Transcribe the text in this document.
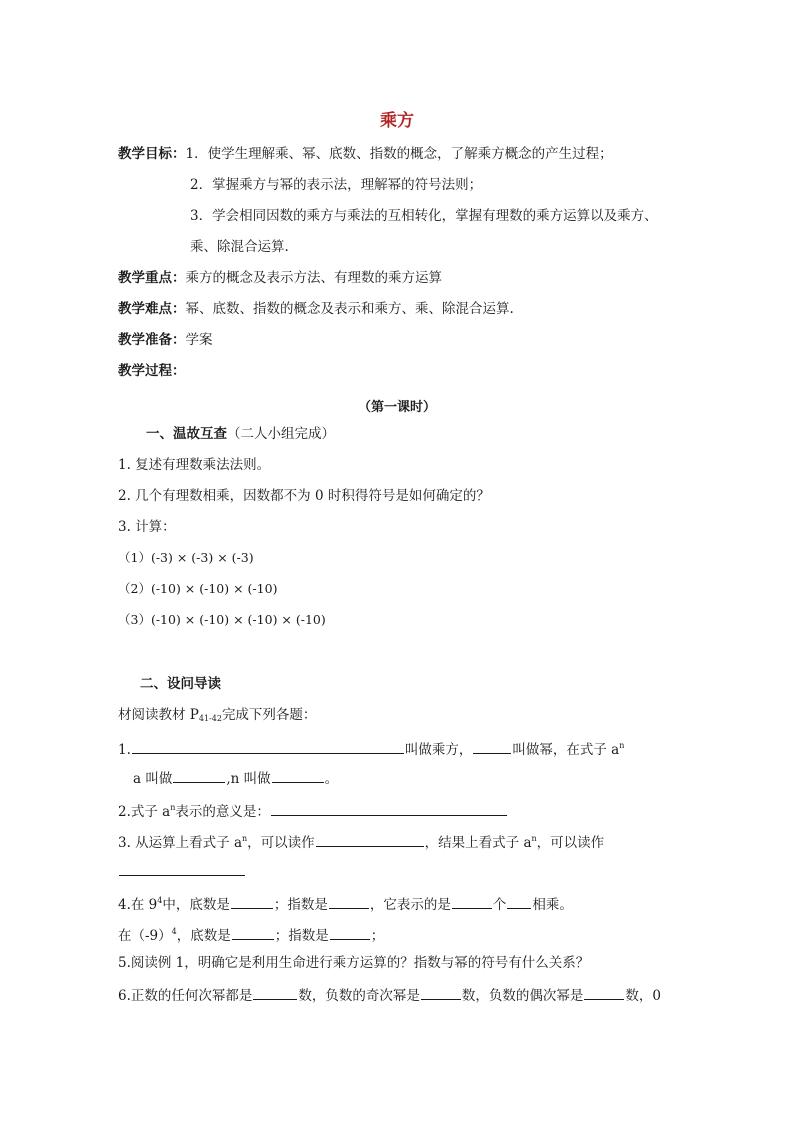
乘方
教学目标：1．使学生理解乘、幂、底数、指数的概念，了解乘方概念的产生过程；
2．掌握乘方与幂的表示法，理解幂的符号法则；
3．学会相同因数的乘方与乘法的互相转化，掌握有理数的乘方运算以及乘方、
乘、除混合运算.
教学重点：乘方的概念及表示方法、有理数的乘方运算
教学难点：幂、底数、指数的概念及表示和乘方、乘、除混合运算.
教学准备：学案
教学过程：
（第一课时）
一、温故互查（二人小组完成）
1. 复述有理数乘法法则。
2. 几个有理数相乘，因数都不为 0 时积得符号是如何确定的？
3. 计算：
（1）(-3) × (-3) × (-3)
（2）(-10) × (-10) × (-10)
（3）(-10) × (-10) × (-10) × (-10)
二、设问导读
材阅读教材 $P_{41-42}$完成下列各题：
1.	叫做乘方，	叫做幂，在式子 $a^n$
a 叫做	,n 叫做	。
2.式子 $a^n$表示的意义是：
3. 从运算上看式子 $a^n$，可以读作	，结果上看式子 $a^n$，可以读作
4.在 $9^4$中，底数是	；指数是	，它表示的是	个 相乘。
在$(-9)^4$，底数是	；指数是	；
5.阅读例 1，明确它是利用生命进行乘方运算的？指数与幂的符号有什么关系？
6.正数的任何次幂都是	数，负数的奇次幂是	数，负数的偶次幂是	数，0
